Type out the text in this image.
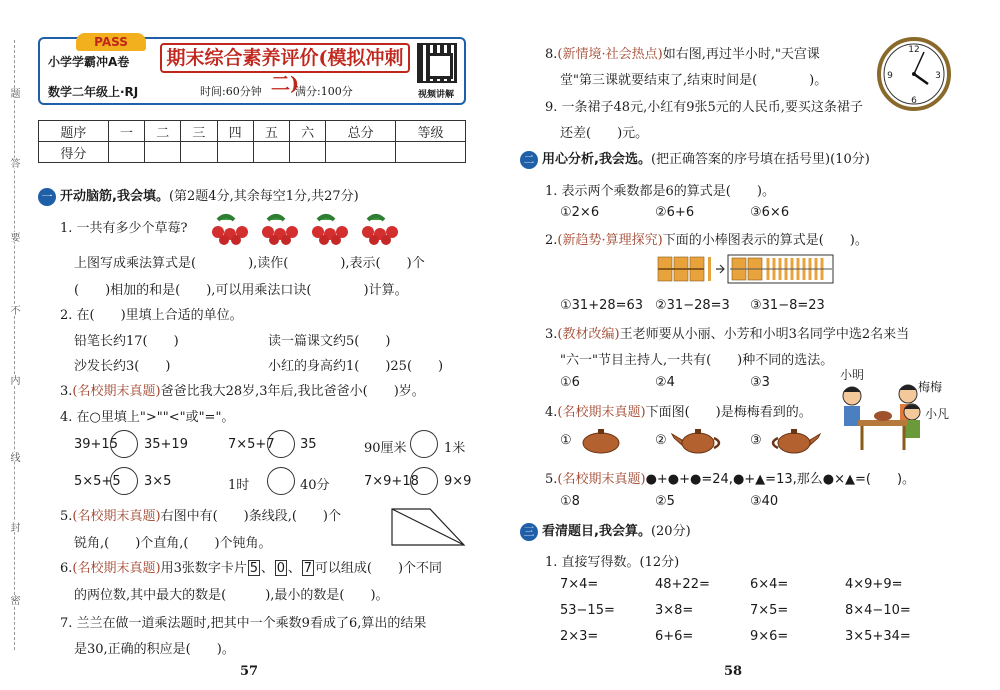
题
答
要
不
内
线
封
密
PASS
小学学霸冲A卷
数学二年级上·RJ
期末综合素养评价(模拟冲刺二)
时间:60分钟	满分:100分	视频讲解
题序	一	二	三	四	五	六	总分	等级
得分								
一 开动脑筋,我会填。(第2题4分,其余每空1分,共27分)
1. 一共有多少个草莓?
上图写成乘法算式是(　　　　),读作(　　　　),表示(　　)个
(　　)相加的和是(　　),可以用乘法口诀(　　　　)计算。
2. 在(　　)里填上合适的单位。
铅笔长约17(　　)	读一篇课文约5(　　)
沙发长约3(　　)	小红的身高约1(　　)25(　　)
3.(名校期末真题)爸爸比我大28岁,3年后,我比爸爸小(　　)岁。
4. 在○里填上">""<"或"="。
39+15 35+19	7×5+7 35	90厘米	1米
5×5+5 3×5	1时	40分	7×9+18 9×9
5.(名校期末真题)右图中有(　　)条线段,(　　)个
锐角,(　　)个直角,(　　)个钝角。
6.(名校期末真题)用3张数字卡片 5 、 0 、 7 可以组成(　　)个不同
的两位数,其中最大的数是(　　　),最小的数是(　　)。
7. 兰兰在做一道乘法题时,把其中一个乘数9看成了6,算出的结果
是30,正确的积应是(　　)。
57
8.(新情境·社会热点)如右图,再过半小时,"天宫课
堂"第三课就要结束了,结束时间是(　　　　)。
12
3
6
9
9. 一条裙子48元,小红有9张5元的人民币,要买这条裙子
还差(　　)元。
二 用心分析,我会选。(把正确答案的序号填在括号里)(10分)
1. 表示两个乘数都是6的算式是(　　)。
①2×6	②6+6	③6×6
2.(新趋势·算理探究)下面的小棒图表示的算式是(　　)。
①31+28=63 ②31−28=3 ③31−8=23
3.(教材改编)王老师要从小丽、小芳和小明3名同学中选2名来当
"六一"节目主持人,一共有(　　)种不同的选法。
①6	②4	③3	小明
梅梅
小凡
4.(名校期末真题)下面图(　　)是梅梅看到的。
①	②	③
5.(名校期末真题)●+●+●=24,●+▲=13,那么●×▲=(　　)。
①8	②5	③40
三 看清题目,我会算。(20分)
1. 直接写得数。(12分)
7×4=	48+22=	6×4=	4×9+9=
53−15=	3×8=	7×5=	8×4−10=
2×3=	6+6=	9×6=	3×5+34=
58
